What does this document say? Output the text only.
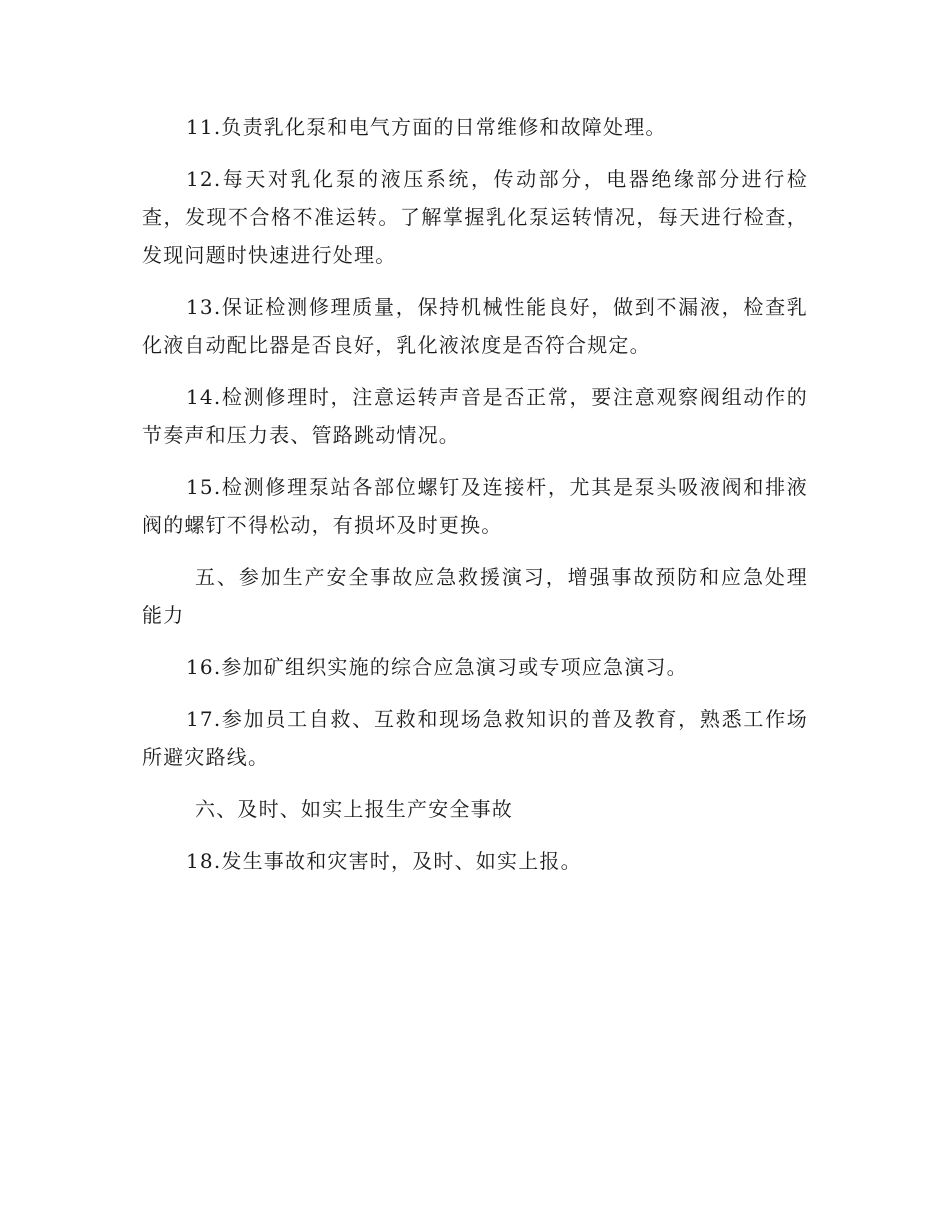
11.负责乳化泵和电气方面的日常维修和故障处理。

12.每天对乳化泵的液压系统，传动部分，电器绝缘部分进行检查，发现不合格不准运转。了解掌握乳化泵运转情况，每天进行检查，发现问题时快速进行处理。

13.保证检测修理质量，保持机械性能良好，做到不漏液，检查乳化液自动配比器是否良好，乳化液浓度是否符合规定。

14.检测修理时，注意运转声音是否正常，要注意观察阀组动作的节奏声和压力表、管路跳动情况。

15.检测修理泵站各部位螺钉及连接杆，尤其是泵头吸液阀和排液阀的螺钉不得松动，有损坏及时更换。

五、参加生产安全事故应急救援演习，增强事故预防和应急处理能力

16.参加矿组织实施的综合应急演习或专项应急演习。

17.参加员工自救、互救和现场急救知识的普及教育，熟悉工作场所避灾路线。

六、及时、如实上报生产安全事故

18.发生事故和灾害时，及时、如实上报。
